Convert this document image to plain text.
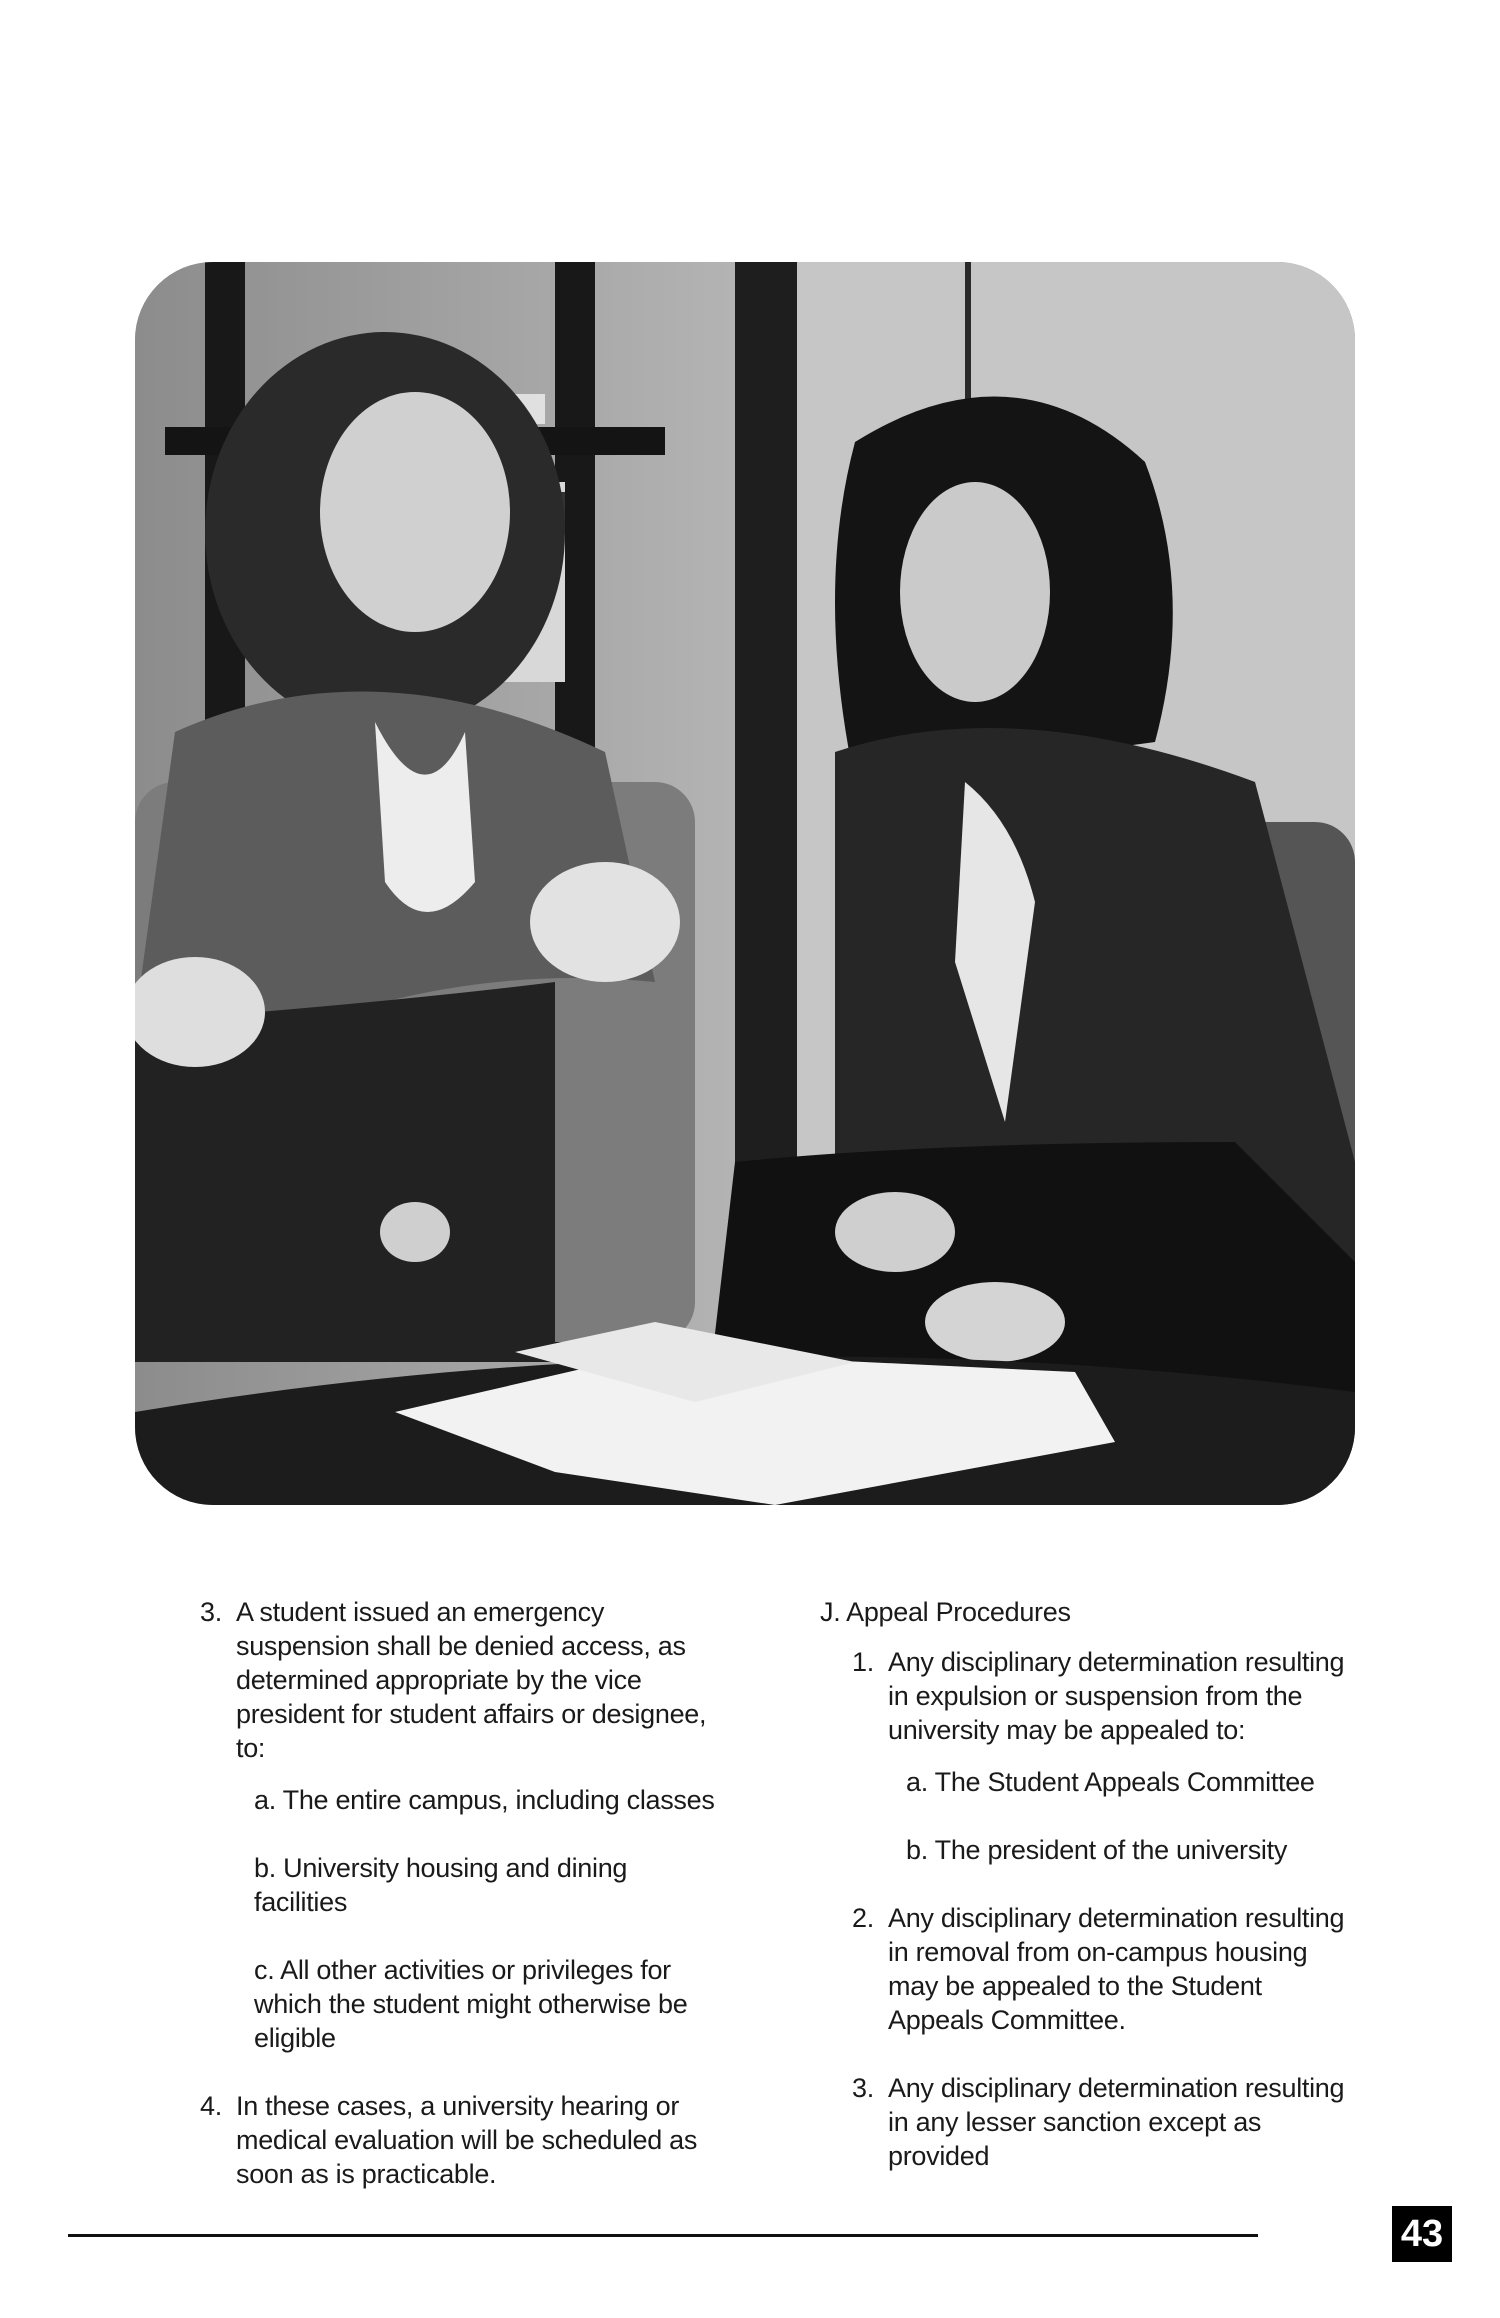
3. A student issued an emergency suspension shall be denied access, as determined appropriate by the vice president for student affairs or designee, to:
a. The entire campus, including classes
b. University housing and dining facilities
c. All other activities or privileges for which the student might otherwise be eligible
4. In these cases, a university hearing or medical evaluation will be scheduled as soon as is practicable.
J. Appeal Procedures
1. Any disciplinary determination resulting in expulsion or suspension from the university may be appealed to:
a. The Student Appeals Committee
b. The president of the university
2. Any disciplinary determination resulting in removal from on-campus housing may be appealed to the Student Appeals Committee.
3. Any disciplinary determination resulting in any lesser sanction except as provided
43
